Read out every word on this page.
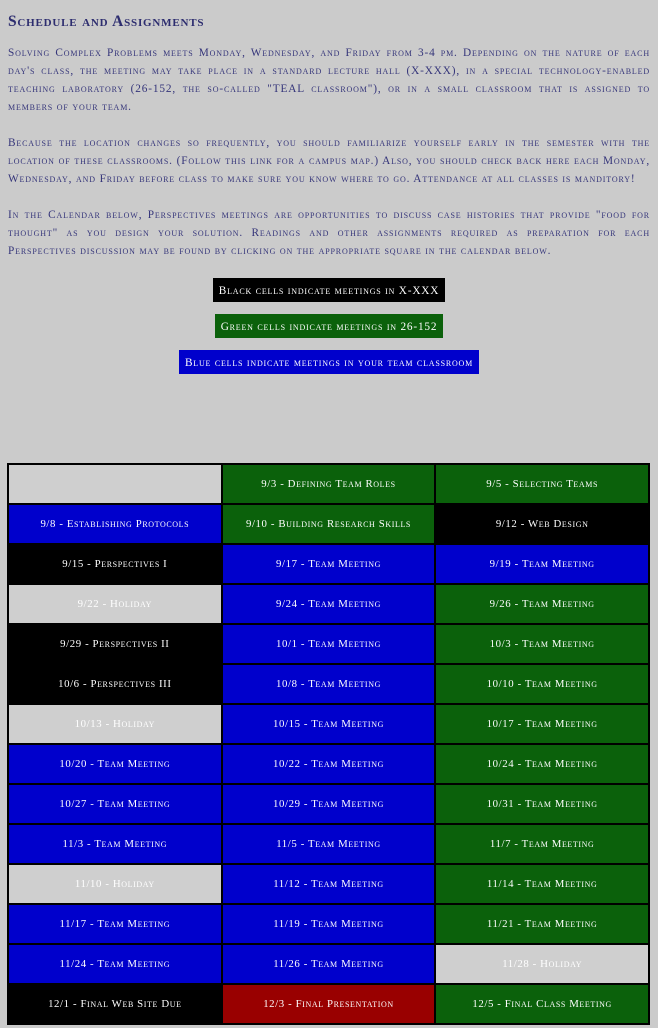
Schedule and Assignments

Solving Complex Problems meets Monday, Wednesday, and Friday from 3-4 pm. Depending on the nature of each day's class, the meeting may take place in a standard lecture hall (X-XXX), in a special technology-enabled teaching laboratory (26-152, the so-called "TEAL classroom"), or in a small classroom that is assigned to members of your team.

Because the location changes so frequently, you should familiarize yourself early in the semester with the location of these classrooms. (Follow this link for a campus map.) Also, you should check back here each Monday, Wednesday, and Friday before class to make sure you know where to go. Attendance at all classes is manditory!

In the Calendar below, Perspectives meetings are opportunities to discuss case histories that provide "food for thought" as you design your solution. Readings and other assignments required as preparation for each Perspectives discussion may be found by clicking on the appropriate square in the calendar below.

Black cells indicate meetings in X-XXX
Green cells indicate meetings in 26-152
Blue cells indicate meetings in your team classroom
	9/3 - Defining Team Roles	9/5 - Selecting Teams
9/8 - Establishing Protocols	9/10 - Building Research Skills	9/12 - Web Design
9/15 - Perspectives I	9/17 - Team Meeting	9/19 - Team Meeting
9/22 - Holiday	9/24 - Team Meeting	9/26 - Team Meeting
9/29 - Perspectives II	10/1 - Team Meeting	10/3 - Team Meeting
10/6 - Perspectives III	10/8 - Team Meeting	10/10 - Team Meeting
10/13 - Holiday	10/15 - Team Meeting	10/17 - Team Meeting
10/20 - Team Meeting	10/22 - Team Meeting	10/24 - Team Meeting
10/27 - Team Meeting	10/29 - Team Meeting	10/31 - Team Meeting
11/3 - Team Meeting	11/5 - Team Meeting	11/7 - Team Meeting
11/10 - Holiday	11/12 - Team Meeting	11/14 - Team Meeting
11/17 - Team Meeting	11/19 - Team Meeting	11/21 - Team Meeting
11/24 - Team Meeting	11/26 - Team Meeting	11/28 - Holiday
12/1 - Final Web Site Due	12/3 - Final Presentation	12/5 - Final Class Meeting
